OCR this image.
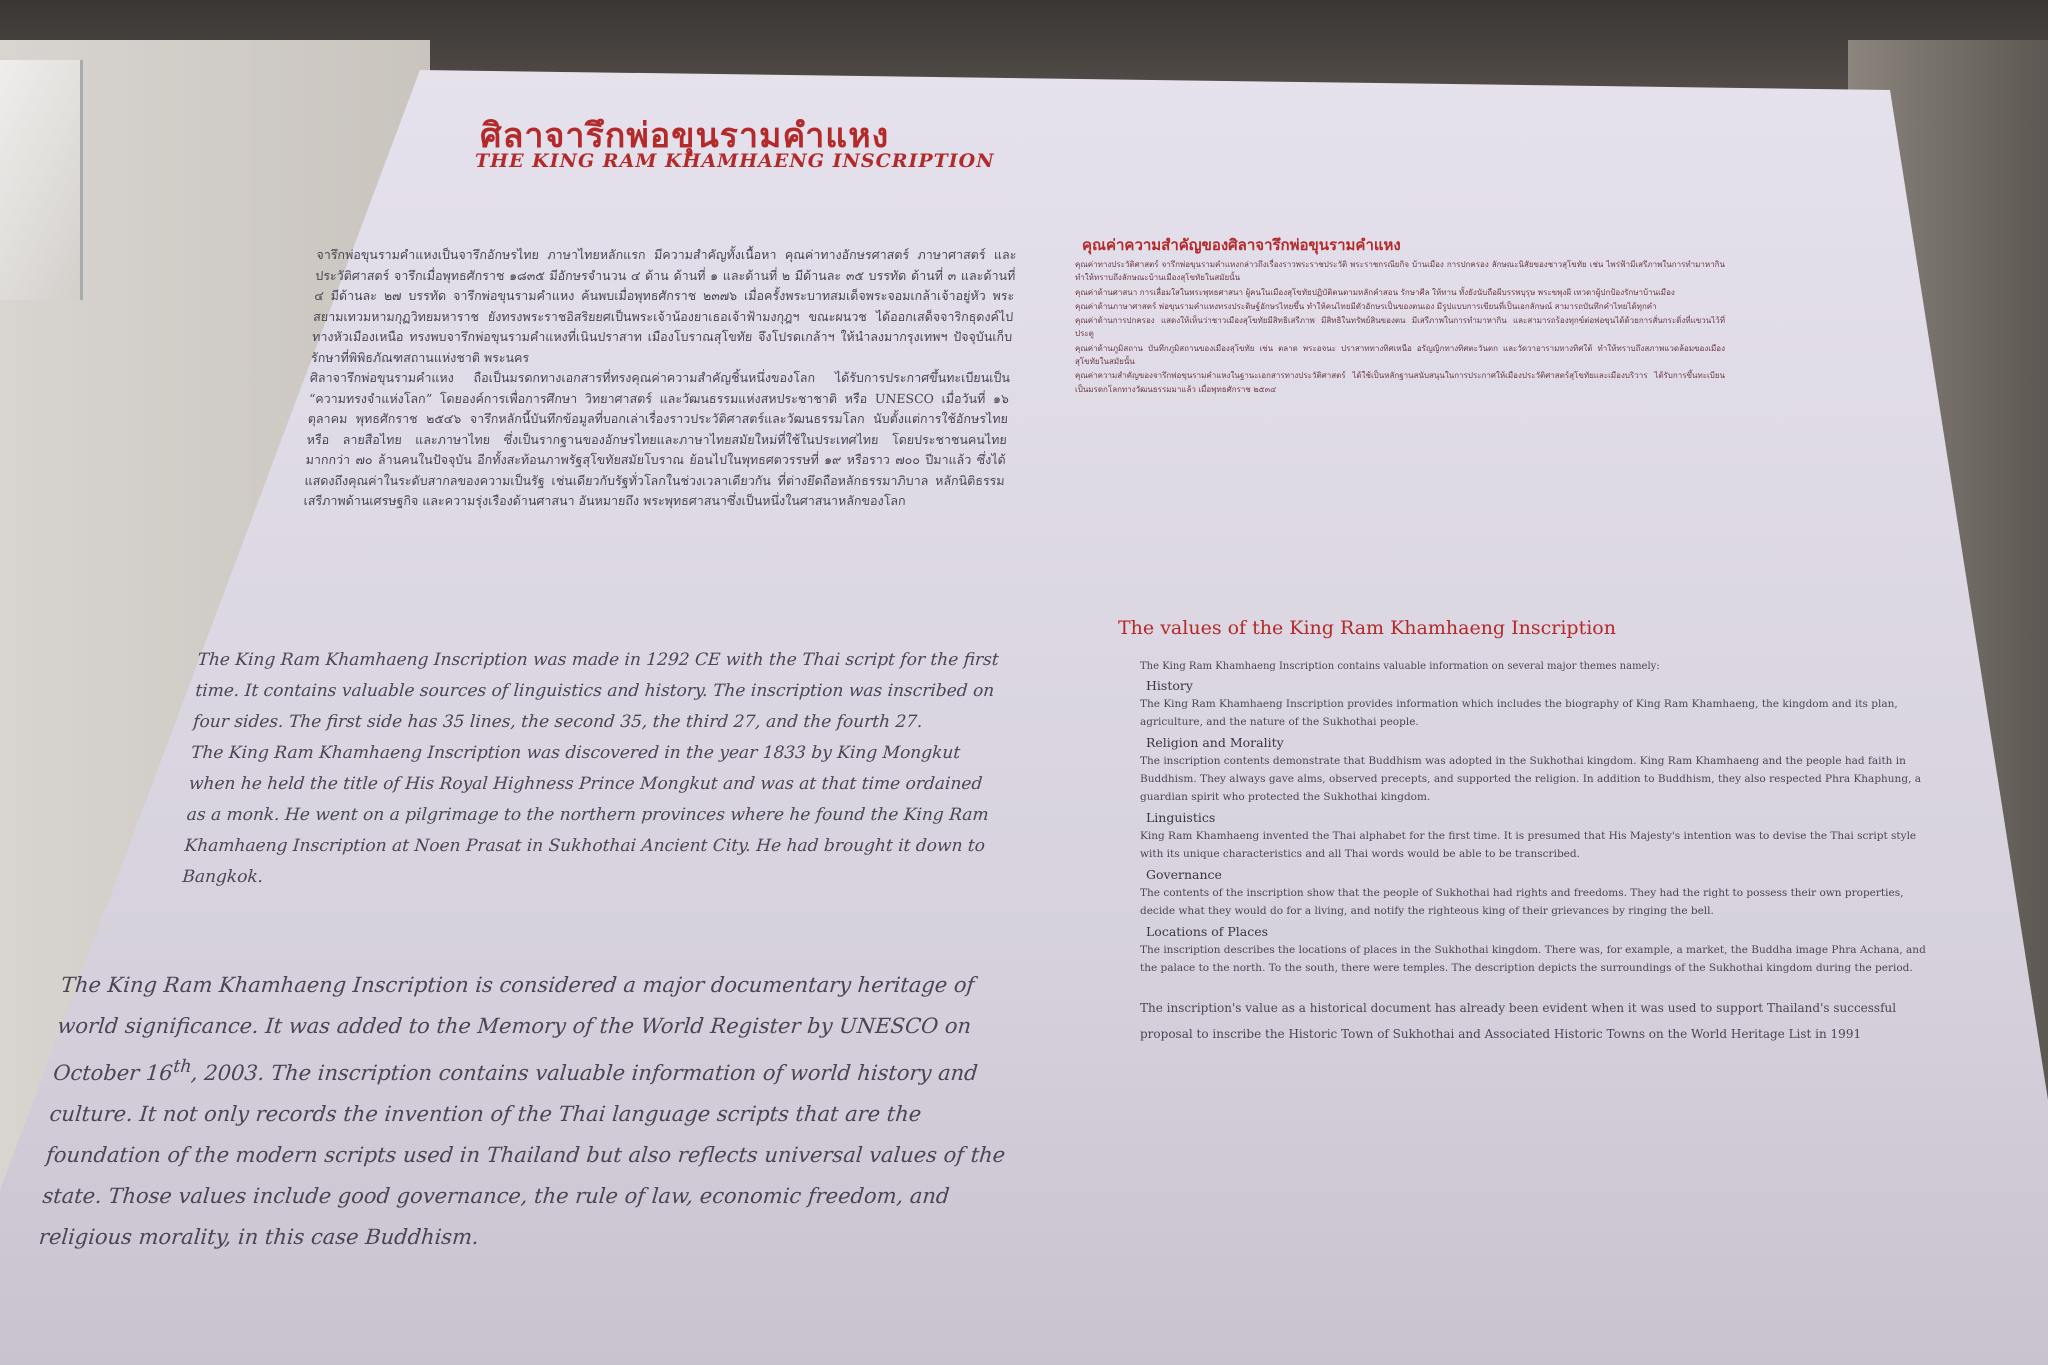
ศิลาจารึกพ่อขุนรามคำแหง
THE KING RAM KHAMHAENG INSCRIPTION

จารึกพ่อขุนรามคำแหงเป็นจารึกอักษรไทย ภาษาไทยหลักแรก มีความสำคัญทั้งเนื้อหา คุณค่าทางอักษรศาสตร์ ภาษาศาสตร์ และประวัติศาสตร์ จารึกเมื่อพุทธศักราช ๑๘๓๕ มีอักษรจำนวน ๔ ด้าน ด้านที่ ๑ และด้านที่ ๒ มีด้านละ ๓๕ บรรทัด ด้านที่ ๓ และด้านที่ ๔ มีด้านละ ๒๗ บรรทัด จารึกพ่อขุนรามคำแหง ค้นพบเมื่อพุทธศักราช ๒๓๗๖ เมื่อครั้งพระบาทสมเด็จพระจอมเกล้าเจ้าอยู่หัว พระสยามเทวมหามกุฏวิทยมหาราช ยังทรงพระราชอิสริยยศเป็นพระเจ้าน้องยาเธอเจ้าฟ้ามงกุฎฯ ขณะผนวช ได้ออกเสด็จจาริกธุดงค์ไปทางหัวเมืองเหนือ ทรงพบจารึกพ่อขุนรามคำแหงที่เนินปราสาท เมืองโบราณสุโขทัย จึงโปรดเกล้าฯ ให้นำลงมากรุงเทพฯ ปัจจุบันเก็บรักษาที่พิพิธภัณฑสถานแห่งชาติ พระนคร

ศิลาจารึกพ่อขุนรามคำแหง ถือเป็นมรดกทางเอกสารที่ทรงคุณค่าความสำคัญชิ้นหนึ่งของโลก ได้รับการประกาศขึ้นทะเบียนเป็น “ความทรงจำแห่งโลก” โดยองค์การเพื่อการศึกษา วิทยาศาสตร์ และวัฒนธรรมแห่งสหประชาชาติ หรือ UNESCO เมื่อวันที่ ๑๖ ตุลาคม พุทธศักราช ๒๕๔๖ จารึกหลักนี้บันทึกข้อมูลที่บอกเล่าเรื่องราวประวัติศาสตร์และวัฒนธรรมโลก นับตั้งแต่การใช้อักษรไทย หรือ ลายสือไทย และภาษาไทย ซึ่งเป็นรากฐานของอักษรไทยและภาษาไทยสมัยใหม่ที่ใช้ในประเทศไทย โดยประชาชนคนไทยมากกว่า ๗๐ ล้านคนในปัจจุบัน อีกทั้งสะท้อนภาพรัฐสุโขทัยสมัยโบราณ ย้อนไปในพุทธศตวรรษที่ ๑๙ หรือราว ๗๐๐ ปีมาแล้ว ซึ่งได้แสดงถึงคุณค่าในระดับสากลของความเป็นรัฐ เช่นเดียวกับรัฐทั่วโลกในช่วงเวลาเดียวกัน ที่ต่างยึดถือหลักธรรมาภิบาล หลักนิติธรรม เสรีภาพด้านเศรษฐกิจ และความรุ่งเรืองด้านศาสนา อันหมายถึง พระพุทธศาสนาซึ่งเป็นหนึ่งในศาสนาหลักของโลก

The King Ram Khamhaeng Inscription was made in 1292 CE with the Thai script for the first time. It contains valuable sources of linguistics and history. The inscription was inscribed on four sides. The first side has 35 lines, the second 35, the third 27, and the fourth 27.

The King Ram Khamhaeng Inscription was discovered in the year 1833 by King Mongkut when he held the title of His Royal Highness Prince Mongkut and was at that time ordained as a monk. He went on a pilgrimage to the northern provinces where he found the King Ram Khamhaeng Inscription at Noen Prasat in Sukhothai Ancient City. He had brought it down to Bangkok.

The King Ram Khamhaeng Inscription is considered a major documentary heritage of world significance. It was added to the Memory of the World Register by UNESCO on October 16th, 2003. The inscription contains valuable information of world history and culture. It not only records the invention of the Thai language scripts that are the foundation of the modern scripts used in Thailand but also reflects universal values of the state. Those values include good governance, the rule of law, economic freedom, and religious morality, in this case Buddhism.

คุณค่าความสำคัญของศิลาจารึกพ่อขุนรามคำแหง

คุณค่าทางประวัติศาสตร์ จารึกพ่อขุนรามคำแหงกล่าวถึงเรื่องราวพระราชประวัติ พระราชกรณียกิจ บ้านเมือง การปกครอง ลักษณะนิสัยของชาวสุโขทัย เช่น ไพร่ฟ้ามีเสรีภาพในการทำมาหากิน ทำให้ทราบถึงลักษณะบ้านเมืองสุโขทัยในสมัยนั้น

คุณค่าด้านศาสนา การเลื่อมใสในพระพุทธศาสนา ผู้คนในเมืองสุโขทัยปฏิบัติตนตามหลักคำสอน รักษาศีล ให้ทาน ทั้งยังนับถือผีบรรพบุรุษ พระขพุงผี เทวดาผู้ปกป้องรักษาบ้านเมือง

คุณค่าด้านภาษาศาสตร์ พ่อขุนรามคำแหงทรงประดิษฐ์อักษรไทยขึ้น ทำให้คนไทยมีตัวอักษรเป็นของตนเอง มีรูปแบบการเขียนที่เป็นเอกลักษณ์ สามารถบันทึกคำไทยได้ทุกคำ

คุณค่าด้านการปกครอง แสดงให้เห็นว่าชาวเมืองสุโขทัยมีสิทธิเสรีภาพ มีสิทธิในทรัพย์สินของตน มีเสรีภาพในการทำมาหากิน และสามารถร้องทุกข์ต่อพ่อขุนได้ด้วยการสั่นกระดิ่งที่แขวนไว้ที่ประตู

คุณค่าด้านภูมิสถาน บันทึกภูมิสถานของเมืองสุโขทัย เช่น ตลาด พระอจนะ ปราสาททางทิศเหนือ อรัญญิกทางทิศตะวันตก และวัดวาอารามทางทิศใต้ ทำให้ทราบถึงสภาพแวดล้อมของเมืองสุโขทัยในสมัยนั้น

คุณค่าความสำคัญของจารึกพ่อขุนรามคำแหงในฐานะเอกสารทางประวัติศาสตร์ ได้ใช้เป็นหลักฐานสนับสนุนในการประกาศให้เมืองประวัติศาสตร์สุโขทัยและเมืองบริวาร ได้รับการขึ้นทะเบียนเป็นมรดกโลกทางวัฒนธรรมมาแล้ว เมื่อพุทธศักราช ๒๕๓๔

The values of the King Ram Khamhaeng Inscription

The King Ram Khamhaeng Inscription contains valuable information on several major themes namely:

History

The King Ram Khamhaeng Inscription provides information which includes the biography of King Ram Khamhaeng, the kingdom and its plan, agriculture, and the nature of the Sukhothai people.

Religion and Morality

The inscription contents demonstrate that Buddhism was adopted in the Sukhothai kingdom. King Ram Khamhaeng and the people had faith in Buddhism. They always gave alms, observed precepts, and supported the religion. In addition to Buddhism, they also respected Phra Khaphung, a guardian spirit who protected the Sukhothai kingdom.

Linguistics

King Ram Khamhaeng invented the Thai alphabet for the first time. It is presumed that His Majesty's intention was to devise the Thai script style with its unique characteristics and all Thai words would be able to be transcribed.

Governance

The contents of the inscription show that the people of Sukhothai had rights and freedoms. They had the right to possess their own properties, decide what they would do for a living, and notify the righteous king of their grievances by ringing the bell.

Locations of Places

The inscription describes the locations of places in the Sukhothai kingdom. There was, for example, a market, the Buddha image Phra Achana, and the palace to the north. To the south, there were temples. The description depicts the surroundings of the Sukhothai kingdom during the period.

The inscription's value as a historical document has already been evident when it was used to support Thailand's successful proposal to inscribe the Historic Town of Sukhothai and Associated Historic Towns on the World Heritage List in 1991
